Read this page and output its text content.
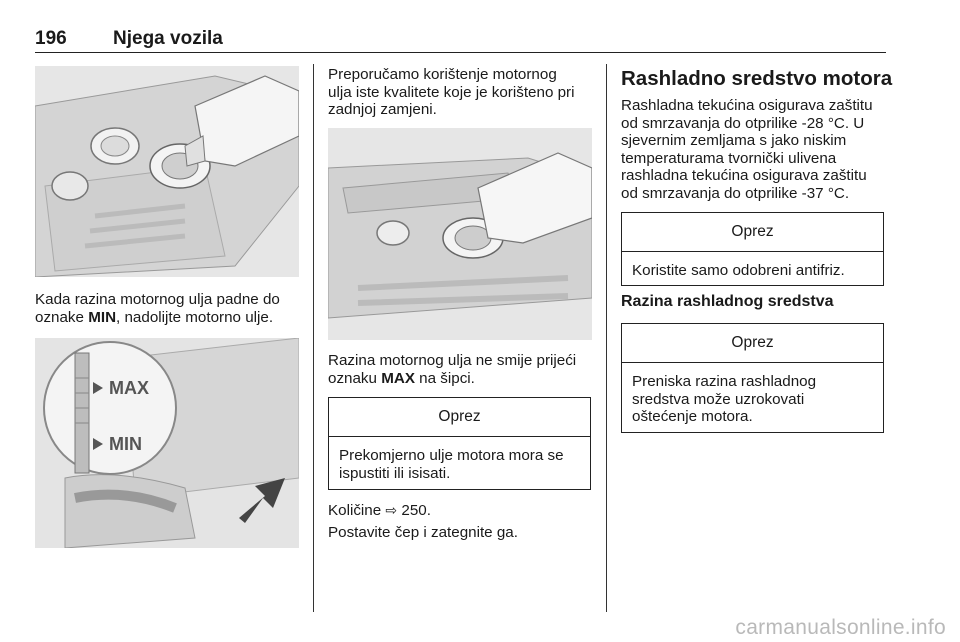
196 Njega vozila
Kada razina motornog ulja padne do
oznake MIN, nadolijte motorno ulje.
MAX
MIN
Preporučamo korištenje motornog
ulja iste kvalitete koje je korišteno pri
zadnjoj zamjeni.
Razina motornog ulja ne smije prijeći
oznaku MAX na šipci.
Oprez
Prekomjerno ulje motora mora se
ispustiti ili isisati.
Količine ⇨ 250.
Postavite čep i zategnite ga.
Rashladno sredstvo motora
Rashladna tekućina osigurava zaštitu
od smrzavanja do otprilike -28 °C. U
sjevernim zemljama s jako niskim
temperaturama tvornički ulivena
rashladna tekućina osigurava zaštitu
od smrzavanja do otprilike -37 °C.
Oprez
Koristite samo odobreni antifriz.
Razina rashladnog sredstva
Oprez
Preniska razina rashladnog
sredstva može uzrokovati
oštećenje motora.
carmanualsonline.info
